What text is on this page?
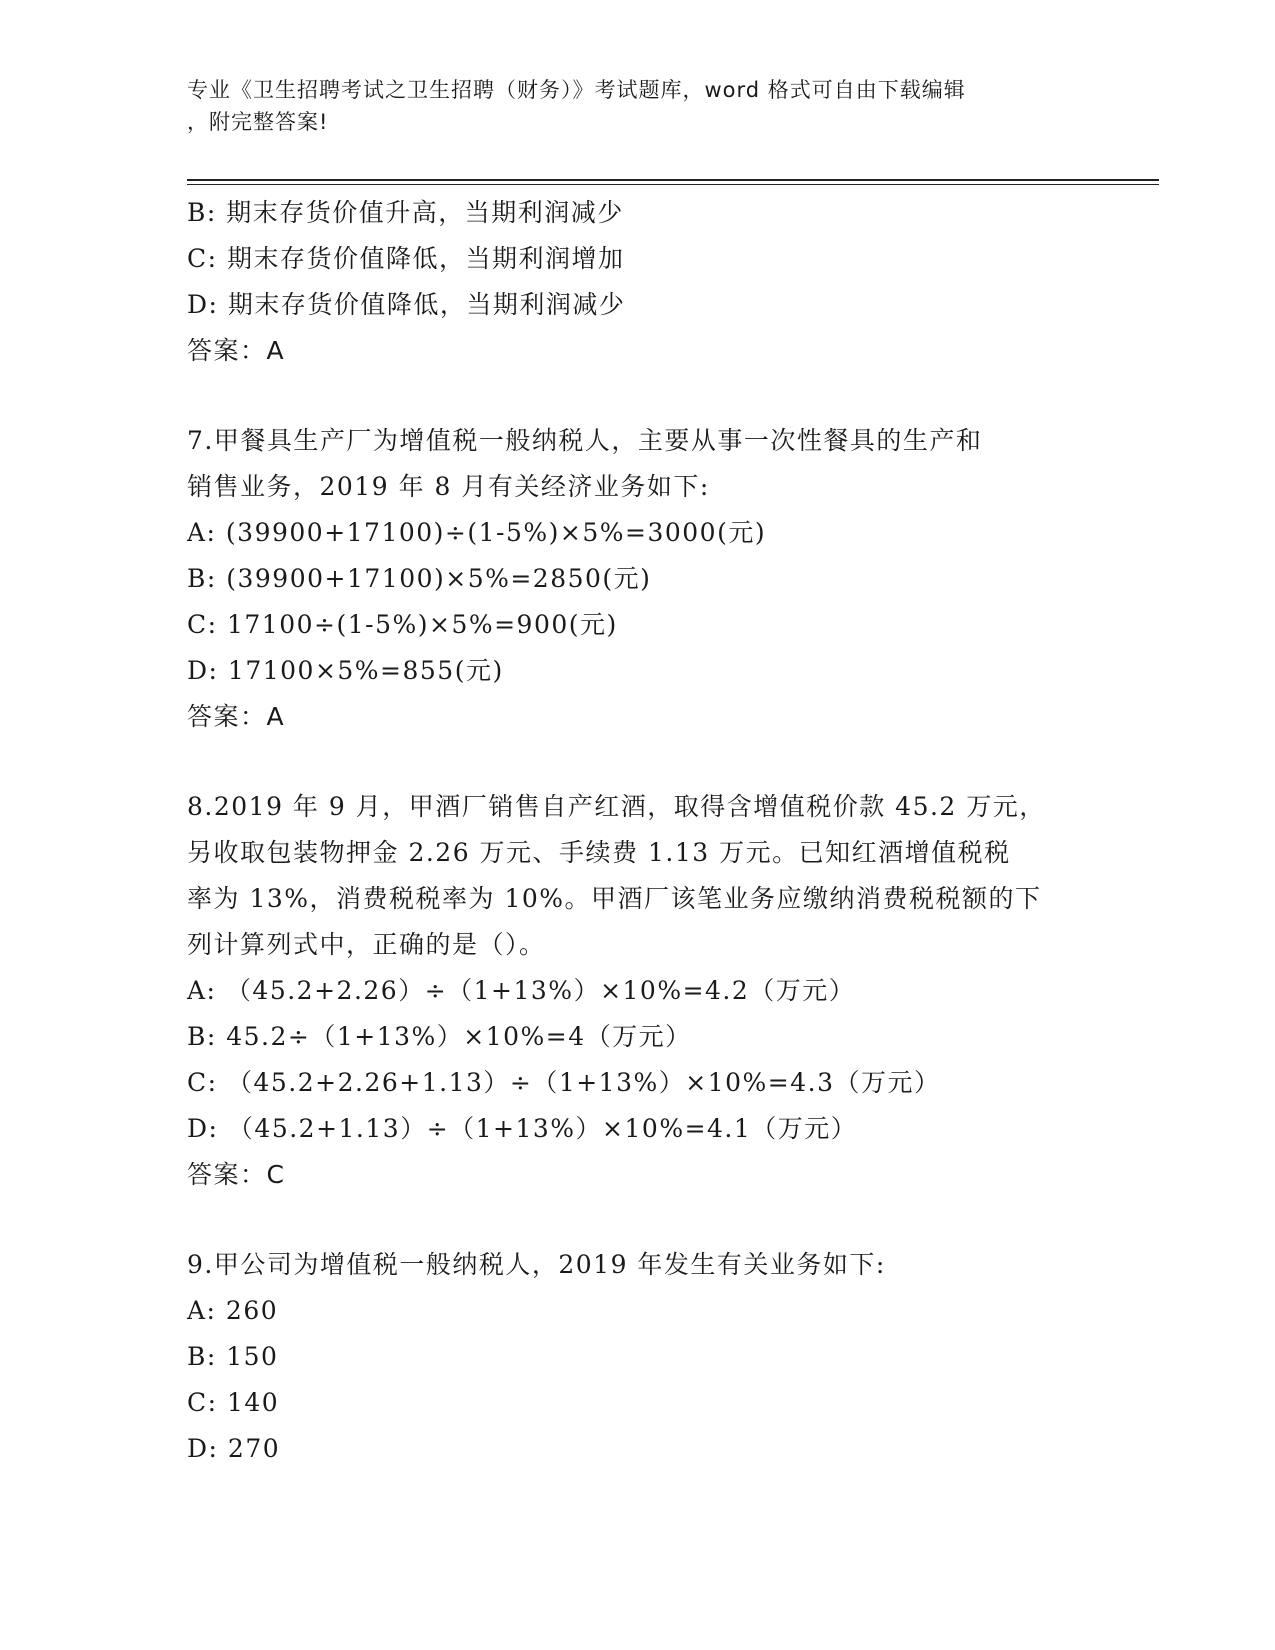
专业《卫生招聘考试之卫生招聘（财务）》考试题库，word 格式可自由下载编辑
，附完整答案!
B: 期末存货价值升高，当期利润减少
C: 期末存货价值降低，当期利润增加
D: 期末存货价值降低，当期利润减少
答案：A
7.甲餐具生产厂为增值税一般纳税人，主要从事一次性餐具的生产和
销售业务，2019 年 8 月有关经济业务如下:
A: (39900+17100)÷(1-5%)×5%=3000(元)
B: (39900+17100)×5%=2850(元)
C: 17100÷(1-5%)×5%=900(元)
D: 17100×5%=855(元)
答案：A
8.2019 年 9 月，甲酒厂销售自产红酒，取得含增值税价款 45.2 万元，
另收取包装物押金 2.26 万元、手续费 1.13 万元。已知红酒增值税税
率为 13%，消费税税率为 10%。甲酒厂该笔业务应缴纳消费税税额的下
列计算列式中，正确的是（）。
A: （45.2+2.26）÷（1+13%）×10%=4.2（万元）
B: 45.2÷（1+13%）×10%=4（万元）
C: （45.2+2.26+1.13）÷（1+13%）×10%=4.3（万元）
D: （45.2+1.13）÷（1+13%）×10%=4.1（万元）
答案：C
9.甲公司为增值税一般纳税人，2019 年发生有关业务如下:
A: 260
B: 150
C: 140
D: 270
